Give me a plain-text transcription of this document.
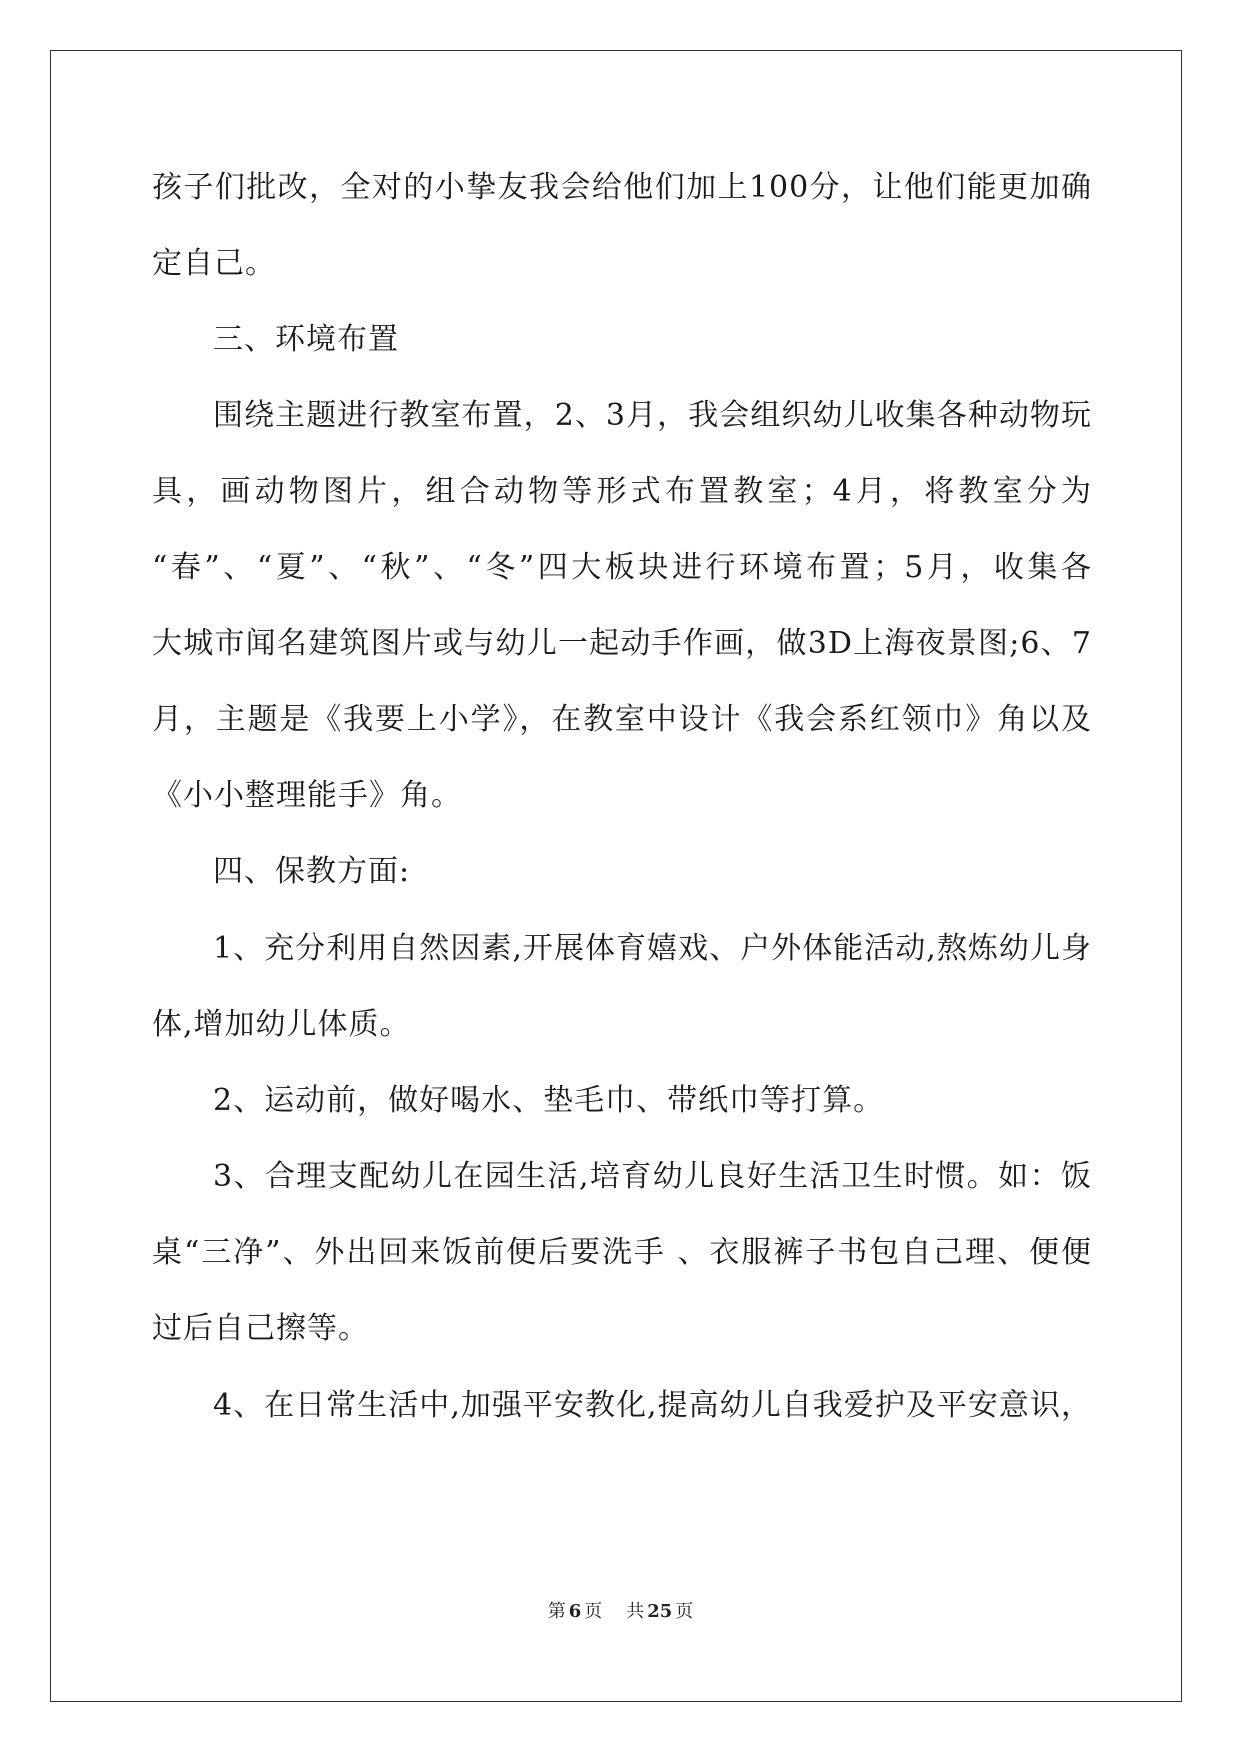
孩子们批改，全对的小挚友我会给他们加上100分，让他们能更加确
定自己。
三、环境布置
围绕主题进行教室布置，2、3月，我会组织幼儿收集各种动物玩
具，画动物图片，组合动物等形式布置教室；4月，将教室分为
“春”、“夏”、“秋”、“冬”四大板块进行环境布置；5月，收集各
大城市闻名建筑图片或与幼儿一起动手作画，做3D上海夜景图;6、7
月，主题是《我要上小学》，在教室中设计《我会系红领巾》角以及
《小小整理能手》角。
四、保教方面:
1、充分利用自然因素,开展体育嬉戏、户外体能活动,熬炼幼儿身
体,增加幼儿体质。
2、运动前，做好喝水、垫毛巾、带纸巾等打算。
3、合理支配幼儿在园生活,培育幼儿良好生活卫生时惯。如：饭
桌“三净”、外出回来饭前便后要洗手 、衣服裤子书包自己理、便便
过后自己擦等。
4、在日常生活中,加强平安教化,提高幼儿自我爱护及平安意识，
第 6 页 共 25 页
